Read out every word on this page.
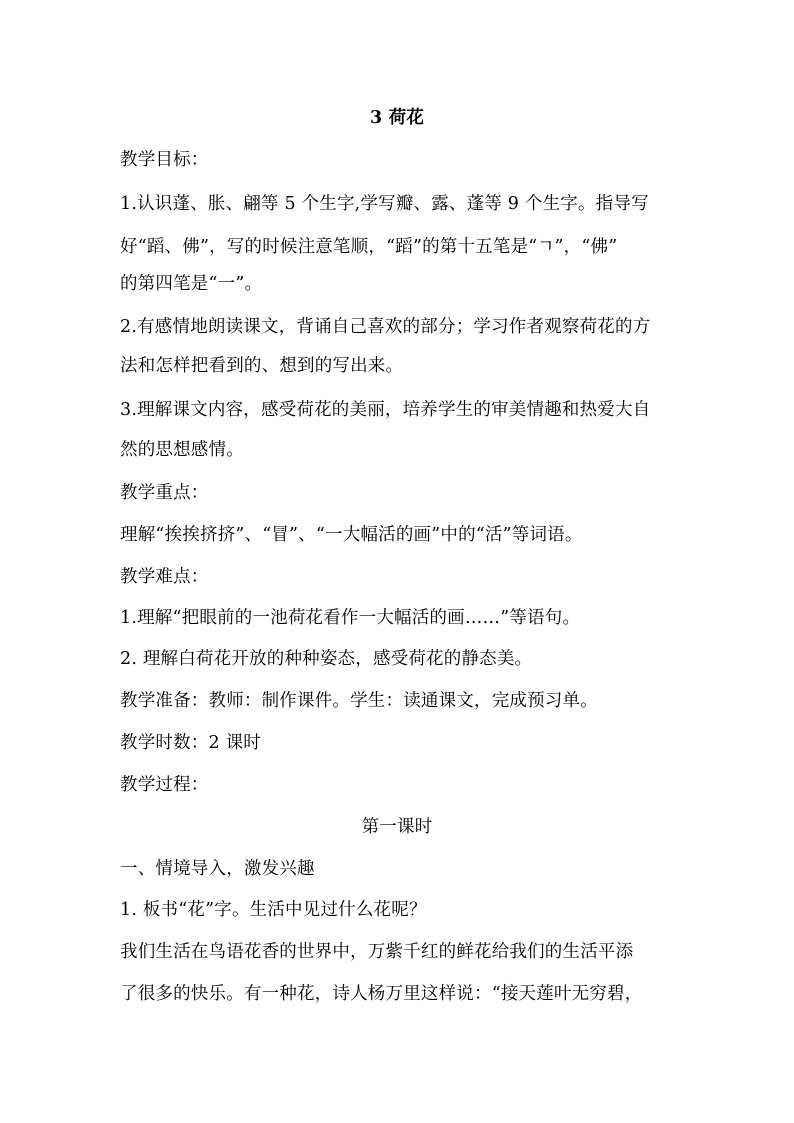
3 荷花
教学目标：
1.认识蓬、胀、翩等 5 个生字,学写瓣、露、蓬等 9 个生字。指导写
好“蹈、佛”，写的时候注意笔顺，“蹈”的第十五笔是“ㄱ”，“佛”
的第四笔是“一”。
2.有感情地朗读课文，背诵自己喜欢的部分；学习作者观察荷花的方
法和怎样把看到的、想到的写出来。
3.理解课文内容，感受荷花的美丽，培养学生的审美情趣和热爱大自
然的思想感情。
教学重点：
理解“挨挨挤挤”、“冒”、“一大幅活的画”中的“活”等词语。
教学难点：
1.理解“把眼前的一池荷花看作一大幅活的画……”等语句。
2. 理解白荷花开放的种种姿态，感受荷花的静态美。
教学准备：教师：制作课件。学生：读通课文，完成预习单。
教学时数：2 课时
教学过程：
第一课时
一、情境导入，激发兴趣
1. 板书“花”字。生活中见过什么花呢？
我们生活在鸟语花香的世界中，万紫千红的鲜花给我们的生活平添
了很多的快乐。有一种花，诗人杨万里这样说：“接天莲叶无穷碧，
